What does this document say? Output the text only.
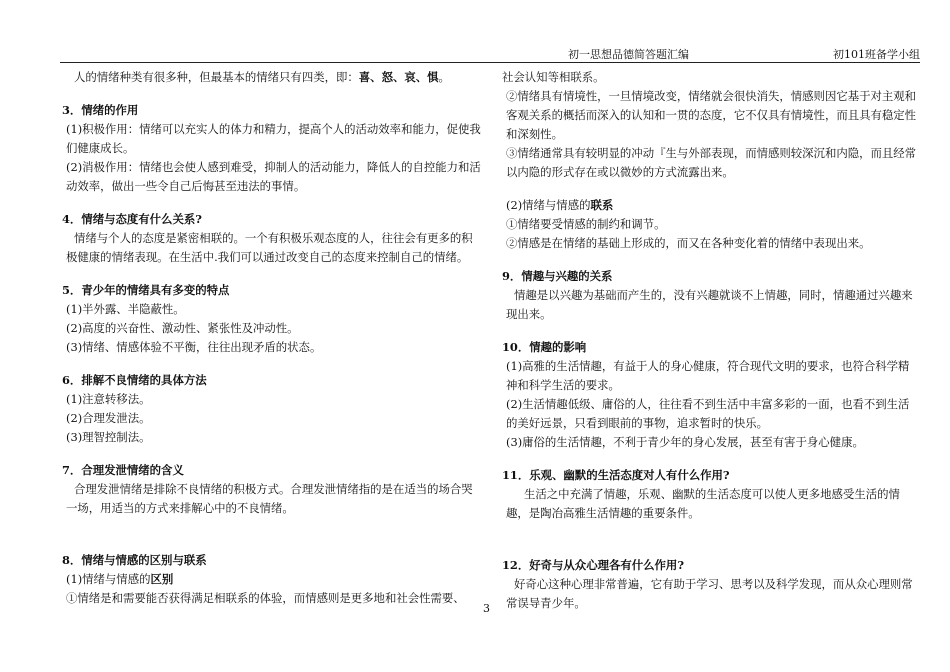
初一思想品德简答题汇编	初101班备学小组

人的情绪种类有很多种，但最基本的情绪只有四类，即：喜、怒、哀、惧。

3．情绪的作用

(1)积极作用：情绪可以充实人的体力和精力，提高个人的活动效率和能力，促使我们健康成长。

(2)消极作用：情绪也会使人感到难受，抑制人的活动能力，降低人的自控能力和活动效率，做出一些令自己后悔甚至违法的事情。

4．情绪与态度有什么关系?

情绪与个人的态度是紧密相联的。一个有积极乐观态度的人，往往会有更多的积极健康的情绪表现。在生活中.我们可以通过改变自己的态度来控制自己的情绪。

5．青少年的情绪具有多变的特点

(1)半外露、半隐蔽性。

(2)高度的兴奋性、激动性、紧张性及冲动性。

(3)情绪、情感体验不平衡，往往出现矛盾的状态。

6．排解不良情绪的具体方法

(1)注意转移法。

(2)合理发泄法。

(3)理智控制法。

7．合理发泄情绪的含义

合理发泄情绪是排除不良情绪的积极方式。合理发泄情绪指的是在适当的场合哭一场，用适当的方式来排解心中的不良情绪。

8．情绪与情感的区别与联系

(1)情绪与情感的区别

①情绪是和需要能否获得满足相联系的体验，而情感则是更多地和社会性需要、

社会认知等相联系。

②情绪具有情境性，一旦情境改变，情绪就会很快消失，情感则因它基于对主观和客观关系的概括而深入的认知和一贯的态度，它不仅具有情境性，而且具有稳定性和深刻性。

③情绪通常具有较明显的冲动『生与外部表现，而情感则较深沉和内隐，而且经常以内隐的形式存在或以微妙的方式流露出来。

(2)情绪与情感的联系

①情绪要受情感的制约和调节。

②情感是在情绪的基础上形成的，而又在各种变化着的情绪中表现出来。

9．情趣与兴趣的关系

情趣是以兴趣为基础而产生的，没有兴趣就谈不上情趣，同时，情趣通过兴趣来现出来。

10．情趣的影响

(1)高雅的生活情趣，有益于人的身心健康，符合现代文明的要求，也符合科学精神和科学生活的要求。

(2)生活情趣低级、庸俗的人，往往看不到生活中丰富多彩的一面，也看不到生活的美好远景，只看到眼前的事物，追求暂时的快乐。

(3)庸俗的生活情趣，不利于青少年的身心发展，甚至有害于身心健康。

11．乐观、幽默的生活态度对人有什么作用?

生活之中充满了情趣，乐观、幽默的生活态度可以使人更多地感受生活的情趣，是陶冶高雅生活情趣的重要条件。

12．好奇与从众心理各有什么作用?

好奇心这种心理非常普遍，它有助于学习、思考以及科学发现，而从众心理则常常误导青少年。

3
